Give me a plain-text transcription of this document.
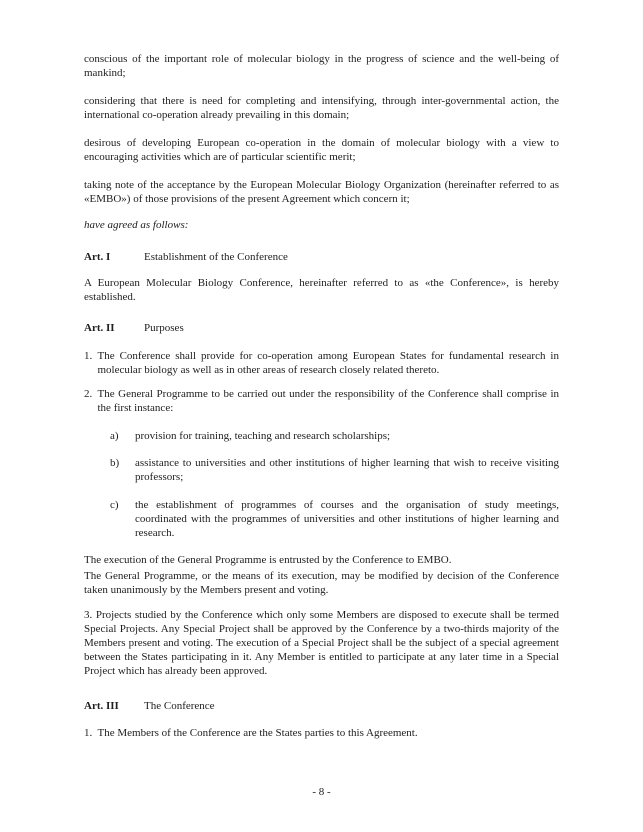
conscious of the important role of molecular biology in the progress of science and the well-being of mankind;

considering that there is need for completing and intensifying, through inter-governmental action, the international co-operation already prevailing in this domain;

desirous of developing European co-operation in the domain of molecular biology with a view to encouraging activities which are of particular scientific merit;

taking note of the acceptance by the European Molecular Biology Organization (hereinafter referred to as «EMBO») of those provisions of the present Agreement which concern it;

have agreed as follows:

Art. I	Establishment of the Conference

A European Molecular Biology Conference, hereinafter referred to as «the Conference», is hereby established.

Art. II	Purposes

1. The Conference shall provide for co-operation among European States for fundamental research in molecular biology as well as in other areas of research closely related thereto.
2. The General Programme to be carried out under the responsibility of the Conference shall comprise in the first instance:
a)	provision for training, teaching and research scholarships;
b)	assistance to universities and other institutions of higher learning that wish to receive visiting professors;
c)	the establishment of programmes of courses and the organisation of study meetings, coordinated with the programmes of universities and other institutions of higher learning and research.

The execution of the General Programme is entrusted by the Conference to EMBO.

The General Programme, or the means of its execution, may be modified by decision of the Conference taken unanimously by the Members present and voting.

3. Projects studied by the Conference which only some Members are disposed to execute shall be termed Special Projects. Any Special Project shall be approved by the Conference by a two-thirds majority of the Members present and voting. The execution of a Special Project shall be the subject of a special agreement between the States participating in it. Any Member is entitled to participate at any later time in a Special Project which has already been approved.

Art. III The Conference

1. The Members of the Conference are the States parties to this Agreement.
- 8 -
